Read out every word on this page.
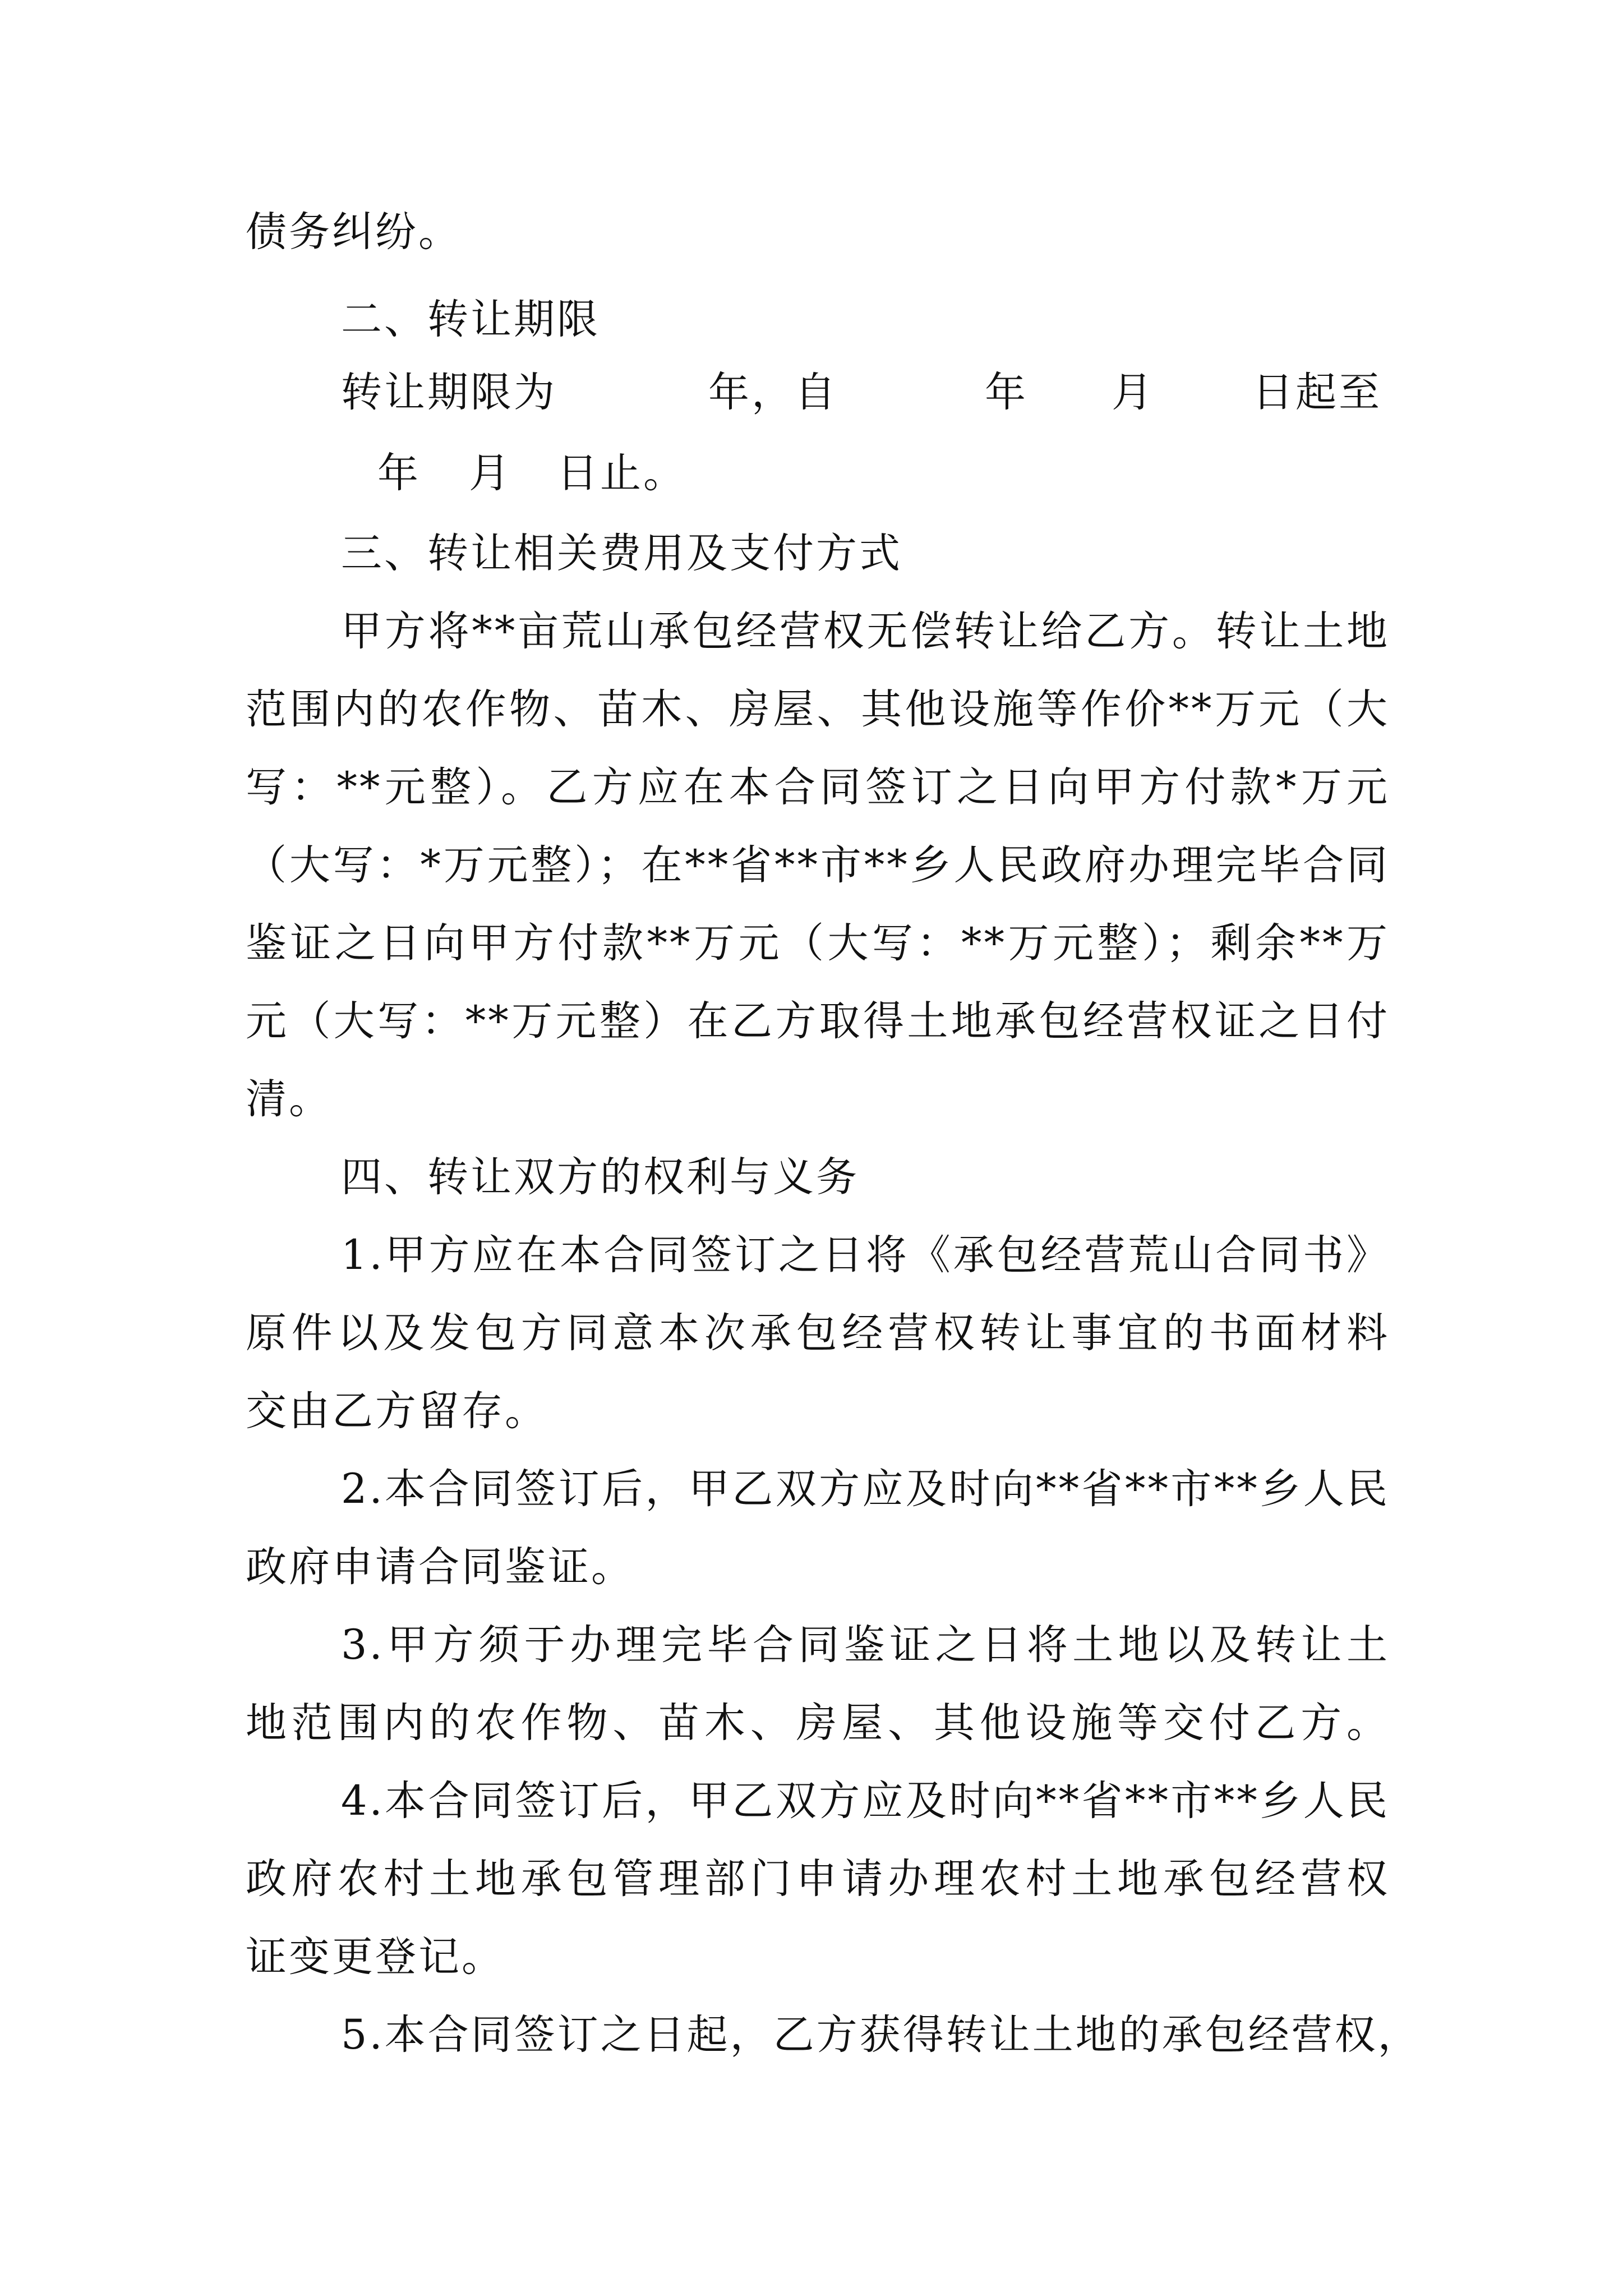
债务纠纷。
二、转让期限
转让期限为	年，自	年 月 日起至
年 月 日止。
三、转让相关费用及支付方式
甲方将**亩荒山承包经营权无偿转让给乙方。转让土地
范围内的农作物、苗木、房屋、其他设施等作价**万元（大
写：**元整）。乙方应在本合同签订之日向甲方付款*万元
（大写：*万元整）；在**省**市**乡人民政府办理完毕合同
鉴证之日向甲方付款**万元（大写：**万元整）；剩余**万
元（大写：**万元整）在乙方取得土地承包经营权证之日付
清。
四、转让双方的权利与义务
1.甲方应在本合同签订之日将《承包经营荒山合同书》
原件以及发包方同意本次承包经营权转让事宜的书面材料
交由乙方留存。
2.本合同签订后，甲乙双方应及时向**省**市**乡人民
政府申请合同鉴证。
3.甲方须于办理完毕合同鉴证之日将土地以及转让土
地范围内的农作物、苗木、房屋、其他设施等交付乙方。
4.本合同签订后，甲乙双方应及时向**省**市**乡人民
政府农村土地承包管理部门申请办理农村土地承包经营权
证变更登记。
5.本合同签订之日起，乙方获得转让土地的承包经营权，
